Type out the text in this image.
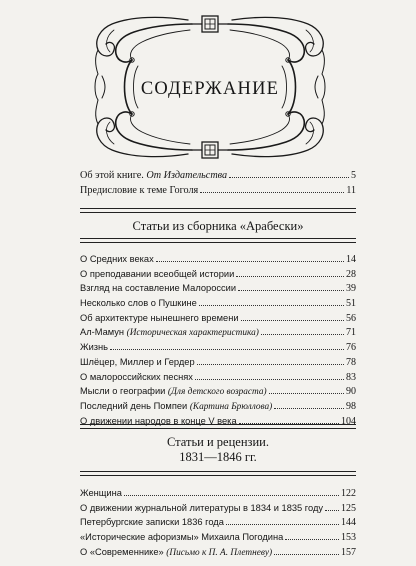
СОДЕРЖАНИЕ
Об этой книге. От Издательства	5
Предисловие к теме Гоголя	11
Статьи из сборника «Арабески»
О Средних веках	14
О преподавании всеобщей истории	28
Взгляд на составление Малороссии	39
Несколько слов о Пушкине	51
Об архитектуре нынешнего времени	56
Ал-Мамун (Историческая характеристика)	71
Жизнь	76
Шлёцер, Миллер и Гердер	78
О малороссийских песнях	83
Мысли о географии (Для детского возраста)	90
Последний день Помпеи (Картина Брюллова)	98
О движении народов в конце V века	104
Статьи и рецензии.
1831—1846 гг.
Женщина	122
О движении журнальной литературы в 1834 и 1835 году 125
Петербургские записки 1836 года	144
«Исторические афоризмы» Михаила Погодина	153
О «Современнике» (Письмо к П. А. Плетневу)	157
